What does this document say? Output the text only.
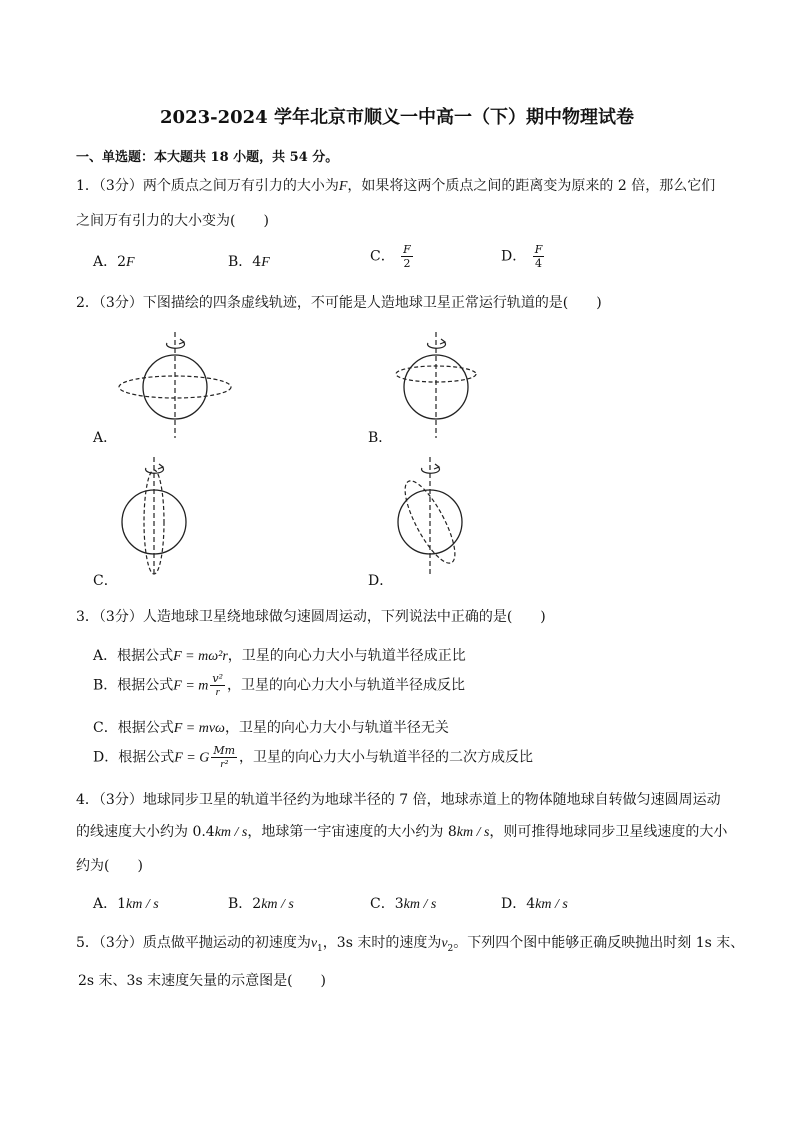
2023-2024 学年北京市顺义一中高一（下）期中物理试卷
一、单选题：本大题共 18 小题，共 54 分。
1．（3分）两个质点之间万有引力的大小为F，如果将这两个质点之间的距离变为原来的 2 倍，那么它们
之间万有引力的大小变为(　　)
A．2F	B．4F	C． $\frac{F}{2}$	D． $\frac{F}{4}$
2．（3分）下图描绘的四条虚线轨迹，不可能是人造地球卫星正常运行轨道的是(　　)
A．	B．
C．	D．
3．（3分）人造地球卫星绕地球做匀速圆周运动，下列说法中正确的是(　　)
A．根据公式F = mω²r，卫星的向心力大小与轨道半径成正比
B．根据公式F = m $\frac{\text{v²}}{r}$ ，卫星的向心力大小与轨道半径成反比
C．根据公式F = mvω，卫星的向心力大小与轨道半径无关
D．根据公式F = G $\frac{Mm}{\text{r²}}$ ，卫星的向心力大小与轨道半径的二次方成反比
4．（3分）地球同步卫星的轨道半径约为地球半径的 7 倍，地球赤道上的物体随地球自转做匀速圆周运动
的线速度大小约为 0.4km / s，地球第一宇宙速度的大小约为 8km / s，则可推得地球同步卫星线速度的大小
约为(　　)
A．1km / s	B．2km / s	C．3km / s	D．4km / s
5．（3分）质点做平抛运动的初速度为$v_1$，3s 末时的速度为$v_2$。下列四个图中能够正确反映抛出时刻 1s 末、
2s 末、3s 末速度矢量的示意图是(　　)
